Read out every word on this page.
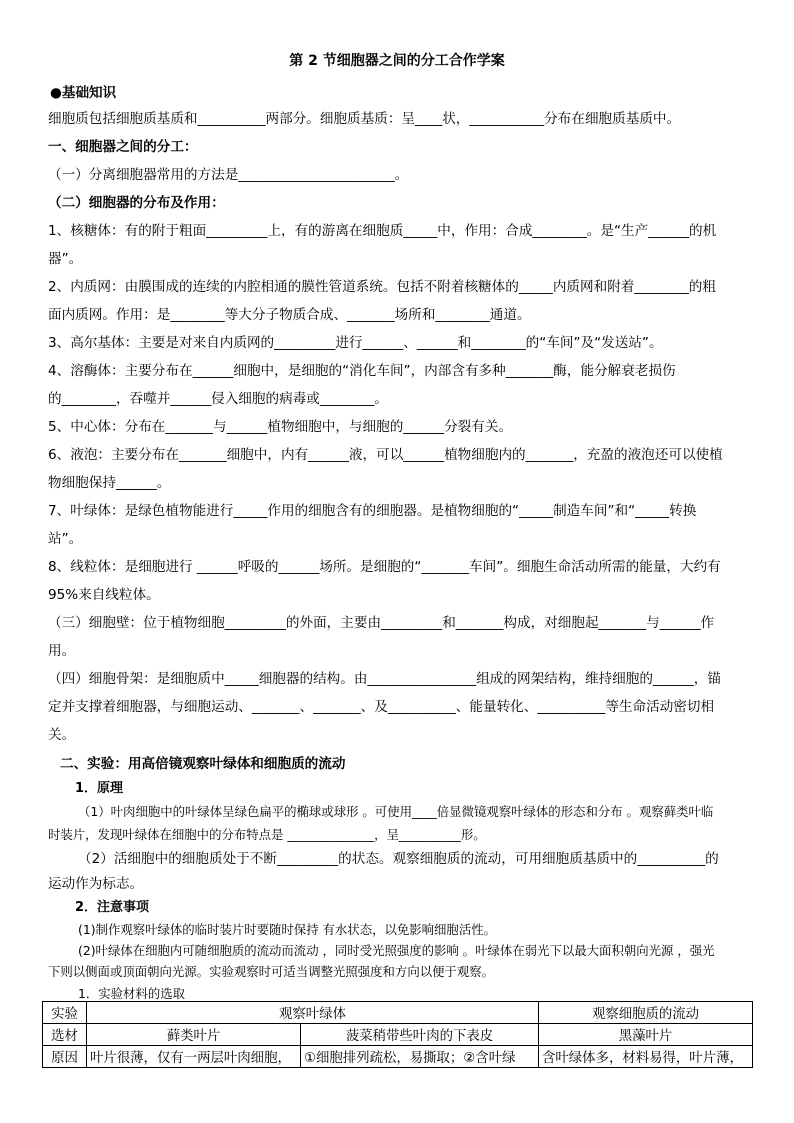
第 2 节细胞器之间的分工合作学案
●基础知识
细胞质包括细胞质基质和__________两部分。细胞质基质：呈____状，___________分布在细胞质基质中。
一、细胞器之间的分工：
（一）分离细胞器常用的方法是_______________________。
（二）细胞器的分布及作用：
1、核糖体：有的附于粗面_________上，有的游离在细胞质_____中，作用：合成________。是“生产______的机
器”。
2、内质网：由膜围成的连续的内腔相通的膜性管道系统。包括不附着核糖体的_____内质网和附着________的粗
面内质网。作用：是________等大分子物质合成、_______场所和________通道。
3、高尔基体：主要是对来自内质网的_________进行______、______和________的“车间”及“发送站”。
4、溶酶体：主要分布在______细胞中，是细胞的“消化车间”，内部含有多种_______酶，能分解衰老损伤
的________，吞噬并______侵入细胞的病毒或________。
5、中心体：分布在_______与______植物细胞中，与细胞的______分裂有关。
6、液泡：主要分布在_______细胞中，内有______液，可以______植物细胞内的_______，充盈的液泡还可以使植
物细胞保持______。
7、叶绿体：是绿色植物能进行_____作用的细胞含有的细胞器。是植物细胞的“_____制造车间”和“_____转换
站”。
8、线粒体：是细胞进行 ______呼吸的______场所。是细胞的“_______车间”。细胞生命活动所需的能量，大约有
95%来自线粒体。
（三）细胞壁：位于植物细胞_________的外面，主要由_________和_______构成，对细胞起_______与______作
用。
（四）细胞骨架：是细胞质中_____细胞器的结构。由________________组成的网架结构，维持细胞的______，锚
定并支撑着细胞器，与细胞运动、_______、_______、及__________、能量转化、__________等生命活动密切相
关。
二、实验：用高倍镜观察叶绿体和细胞质的流动
1．原理
（1）叶肉细胞中的叶绿体呈绿色扁平的椭球或球形 。可使用____倍显微镜观察叶绿体的形态和分布 。观察藓类叶临
时装片，发现叶绿体在细胞中的分布特点是 ______________，呈__________形。
（2）活细胞中的细胞质处于不断_________的状态。观察细胞质的流动，可用细胞质基质中的__________的
运动作为标志。
2．注意事项
(1)制作观察叶绿体的临时装片时要随时保持 有水状态，以免影响细胞活性。
(2)叶绿体在细胞内可随细胞质的流动而流动 ，同时受光照强度的影响 。叶绿体在弱光下以最大面积朝向光源 ，强光
下则以侧面或顶面朝向光源。实验观察时可适当调整光照强度和方向以便于观察。
1．实验材料的选取
实验	观察叶绿体		观察细胞质的流动
选材	藓类叶片	菠菜稍带些叶肉的下表皮	黑藻叶片
原因	叶片很薄，仅有一两层叶肉细胞，	①细胞排列疏松，易撕取；②含叶绿	含叶绿体多，材料易得，叶片薄，
